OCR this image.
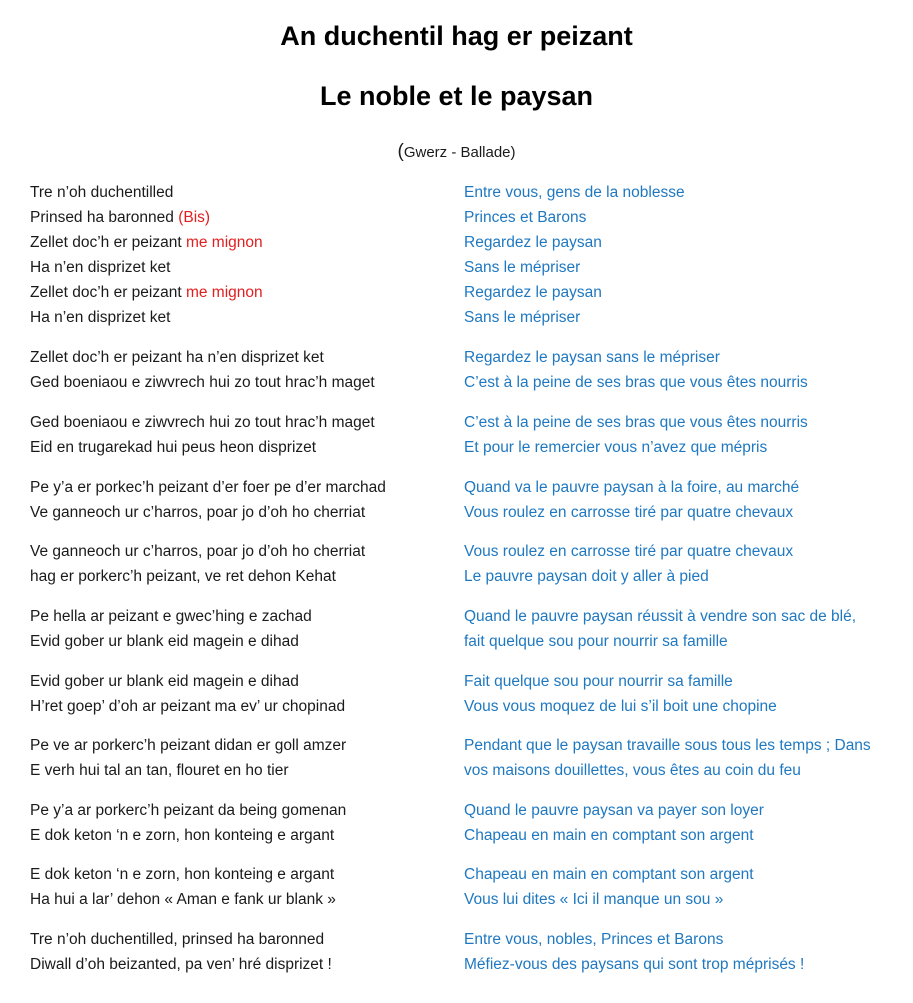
An duchentil hag er peizant
Le noble et le paysan
(Gwerz - Ballade)
Tre n’oh duchentilled
Prinsed ha baronned (Bis)
Zellet doc’h er peizant me mignon
Ha n’en disprizet ket
Zellet doc’h er peizant me mignon
Ha n’en disprizet ket
Zellet doc’h er peizant ha n’en disprizet ket
Ged boeniaou e ziwvrech hui zo tout hrac’h maget
Ged boeniaou e ziwvrech hui zo tout hrac’h maget
Eid en trugarekad hui peus heon disprizet
Pe y’a er porkec’h peizant d’er foer pe d’er marchad
Ve ganneoch ur c’harros, poar jo d’oh ho cherriat
Ve ganneoch ur c’harros, poar jo d’oh ho cherriat
hag er porkerc’h peizant, ve ret dehon Kehat
Pe hella ar peizant e gwec’hing e zachad
Evid gober ur blank eid magein e dihad
Evid gober ur blank eid magein e dihad
H’ret goep’ d’oh ar peizant ma ev’ ur chopinad
Pe ve ar porkerc’h peizant didan er goll amzer
E verh hui tal an tan, flouret en ho tier
Pe y’a ar porkerc’h peizant da being gomenan
E dok keton ‘n e zorn, hon konteing e argant
E dok keton ‘n e zorn, hon konteing e argant
Ha hui a lar’ dehon « Aman e fank ur blank »
Tre n’oh duchentilled, prinsed ha baronned
Diwall d’oh beizanted, pa ven’ hré disprizet !
Entre vous, gens de la noblesse
Princes et Barons
Regardez le paysan
Sans le mépriser
Regardez le paysan
Sans le mépriser
Regardez le paysan sans le mépriser
C’est à la peine de ses bras que vous êtes nourris
C’est à la peine de ses bras que vous êtes nourris
Et pour le remercier vous n’avez que mépris
Quand va le pauvre paysan à la foire, au marché
Vous roulez en carrosse tiré par quatre chevaux
Vous roulez en carrosse tiré par quatre chevaux
Le pauvre paysan doit y aller à pied
Quand le pauvre paysan réussit à vendre son sac de blé,
fait quelque sou pour nourrir sa famille
Fait quelque sou pour nourrir sa famille
Vous vous moquez de lui s’il boit une chopine
Pendant que le paysan travaille sous tous les temps ; Dans
vos maisons douillettes, vous êtes au coin du feu
Quand le pauvre paysan va payer son loyer
Chapeau en main en comptant son argent
Chapeau en main en comptant son argent
Vous lui dites « Ici il manque un sou »
Entre vous, nobles, Princes et Barons
Méfiez-vous des paysans qui sont trop méprisés !
